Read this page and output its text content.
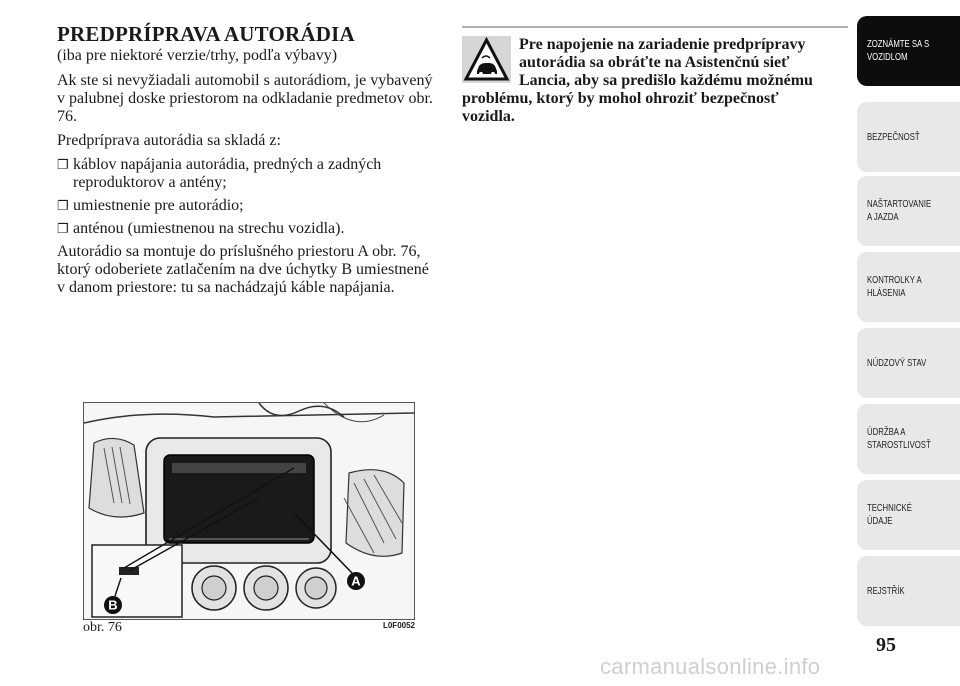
PREDPRÍPRAVA AUTORÁDIA

(iba pre niektoré verzie/trhy, podľa výbavy)

Ak ste si nevyžiadali automobil s autorádiom, je vybavený v palubnej doske priestorom na odkladanie predmetov obr. 76.

Predpríprava autorádia sa skladá z:

❐ káblov napájania autorádia, predných a zadných reproduktorov a antény;

❐ umiestnenie pre autorádio;

❐ anténou (umiestnenou na strechu vozidla).

Autorádio sa montuje do príslušného priestoru A obr. 76, ktorý odoberiete zatlačením na dve úchytky B umiestnené v danom priestore: tu sa nachádzajú káble napájania.

Pre napojenie na zariadenie predprípravy
autorádia sa obráťte na Asistenčnú sieť
Lancia, aby sa predišlo každému možnému
problému, ktorý by mohol ohroziť bezpečnosť
vozidla.

A
B
obr. 76	L0F0052
ZOZNÁMTE SA S
VOZIDLOM
BEZPEČNOSŤ
NAŠTARTOVANIE
A JAZDA
KONTROLKY A
HLÁSENIA
NÚDZOVÝ STAV
ÚDRŽBA A
STAROSTLIVOSŤ
TECHNICKÉ
ÚDAJE
REJSTŘÍK
95
carmanualsonline.info
